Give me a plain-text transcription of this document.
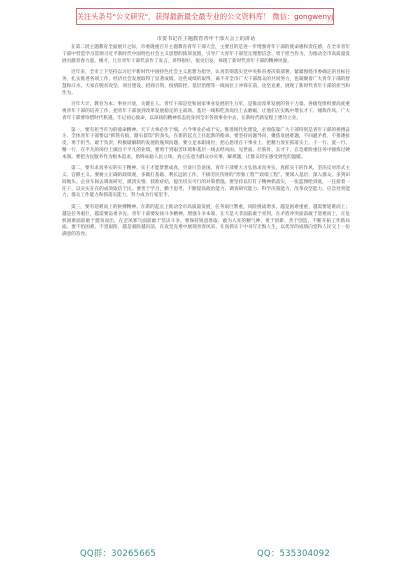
关注头条号"公文研究"，获得最新最全最专业的公文资料库！ 微信：gongwenyj
市委书记在主题教育青年干部大会上的讲话

在第二批主题教育全面展开之际，市委隆重召开主题教育青年干部大会，主要目的是进一步增强青年干部的使命感和责任感，在全市青年干部中营造学习贯彻习近平新时代中国特色社会主义思想的浓厚氛围，引导广大青年干部坚定理想信念、勇于担当作为，为推动全市高质量发展贡献青春力量。刚才，几位青年干部代表作了发言，讲得很好，很受启发，体现了新时代青年干部的精神风貌。

近年来，全市上下坚持以习近平新时代中国特色社会主义思想为指导，认真贯彻落实党中央和省委决策部署，紧紧围绕市委确定的目标任务，扎实推进各项工作，经济社会发展取得了显著成绩。这些成绩的取得，离不开全市广大干部群众的共同努力，也凝聚着广大青年干部的智慧和汗水。大家在脱贫攻坚、项目建设、招商引资、疫情防控、基层治理等一线岗位上冲锋在前、攻坚克难，展现了新时代青年干部的担当和作为。

百年大计，教育为本；事业兴衰，关键在人。青年干部是党和国家事业发展的生力军，是推动改革发展的骨干力量。各级党组织要高度重视青年干部的培养工作，把青年干部放到改革发展稳定的主战场、基层一线和吃劲岗位上去磨砺，让他们在实践中增长才干、锤炼作风。广大青年干部要珍惜时代机遇，牢记初心使命，以昂扬的精神状态投身到全市各项事业中去，在新时代新征程上建功立业。

第一，要有担当有为的使命精神。天下大事必作于细，古今事业必成于实。推进现代化建设，必须依靠广大干部特别是青年干部的拼搏奋斗。全体青年干部要以“抓铁有痕、踏石留印”的劲头，在新的起点上扛起新的使命。要坚持问题导向，聚焦发展难题，不回避矛盾，不推诿扯皮，勇于担当、敢于负责，积极破解制约发展的瓶颈问题。要立足本职岗位，把心思用在干事业上，把精力放在抓落实上，干一行、爱一行、精一行，在平凡的岗位上做出不平凡的业绩。要勇于到艰苦环境和基层一线去经风雨、见世面、壮筋骨、长才干，在急难险重任务中锤炼过硬本领。要把为民服务作为根本追求，始终站稳人民立场，真心实意为群众办实事、解难题，让群众切实感受到党的温暖。

第二，要有求真务实的实干精神。实干才能梦想成真，空谈只会误国。青年干部要大力弘扬求真务实、真抓实干的作风，坚决反对形式主义、官僚主义。要树立正确的政绩观，多做打基础、利长远的工作，不搞劳民伤财的“形象工程”“政绩工程”。要深入基层、深入群众，多到田间地头、企业车间去调查研究，摸清实情、找准症结，提出切实可行的对策措施。要坚持以钉钉子精神抓落实，一张蓝图绘到底，一任接着一任干，以实实在在的成效取信于民。要善于学习，勤于思考，不断提高政治能力、调查研究能力、科学决策能力、改革攻坚能力、应急处突能力、群众工作能力和抓落实能力，努力成为行家里手。

第三，要有迎难而上的拼搏精神。在新的起点上推动全市高质量发展，任务艰巨繁重，风险挑战增多。越是困难重重，越需要迎难而上；越是任务艰巨，越需要奋勇争先。青年干部要发扬斗争精神，增强斗争本领，在大是大非面前敢于亮剑，在矛盾冲突面前敢于迎难而上，在危机困难面前敢于挺身而出，在歪风邪气面前敢于坚决斗争。要保持锐意进取、敢为人先的精气神，勇于创新、善于创造，不断开拓工作新局面。要不怕困难、不畏艰险，越是艰险越向前，在攻坚克难中展现青春风采，在真抓实干中书写无悔人生，以优异的成绩向党和人民交上一份满意的答卷。

QQ群：30265665	QQ：535304092
